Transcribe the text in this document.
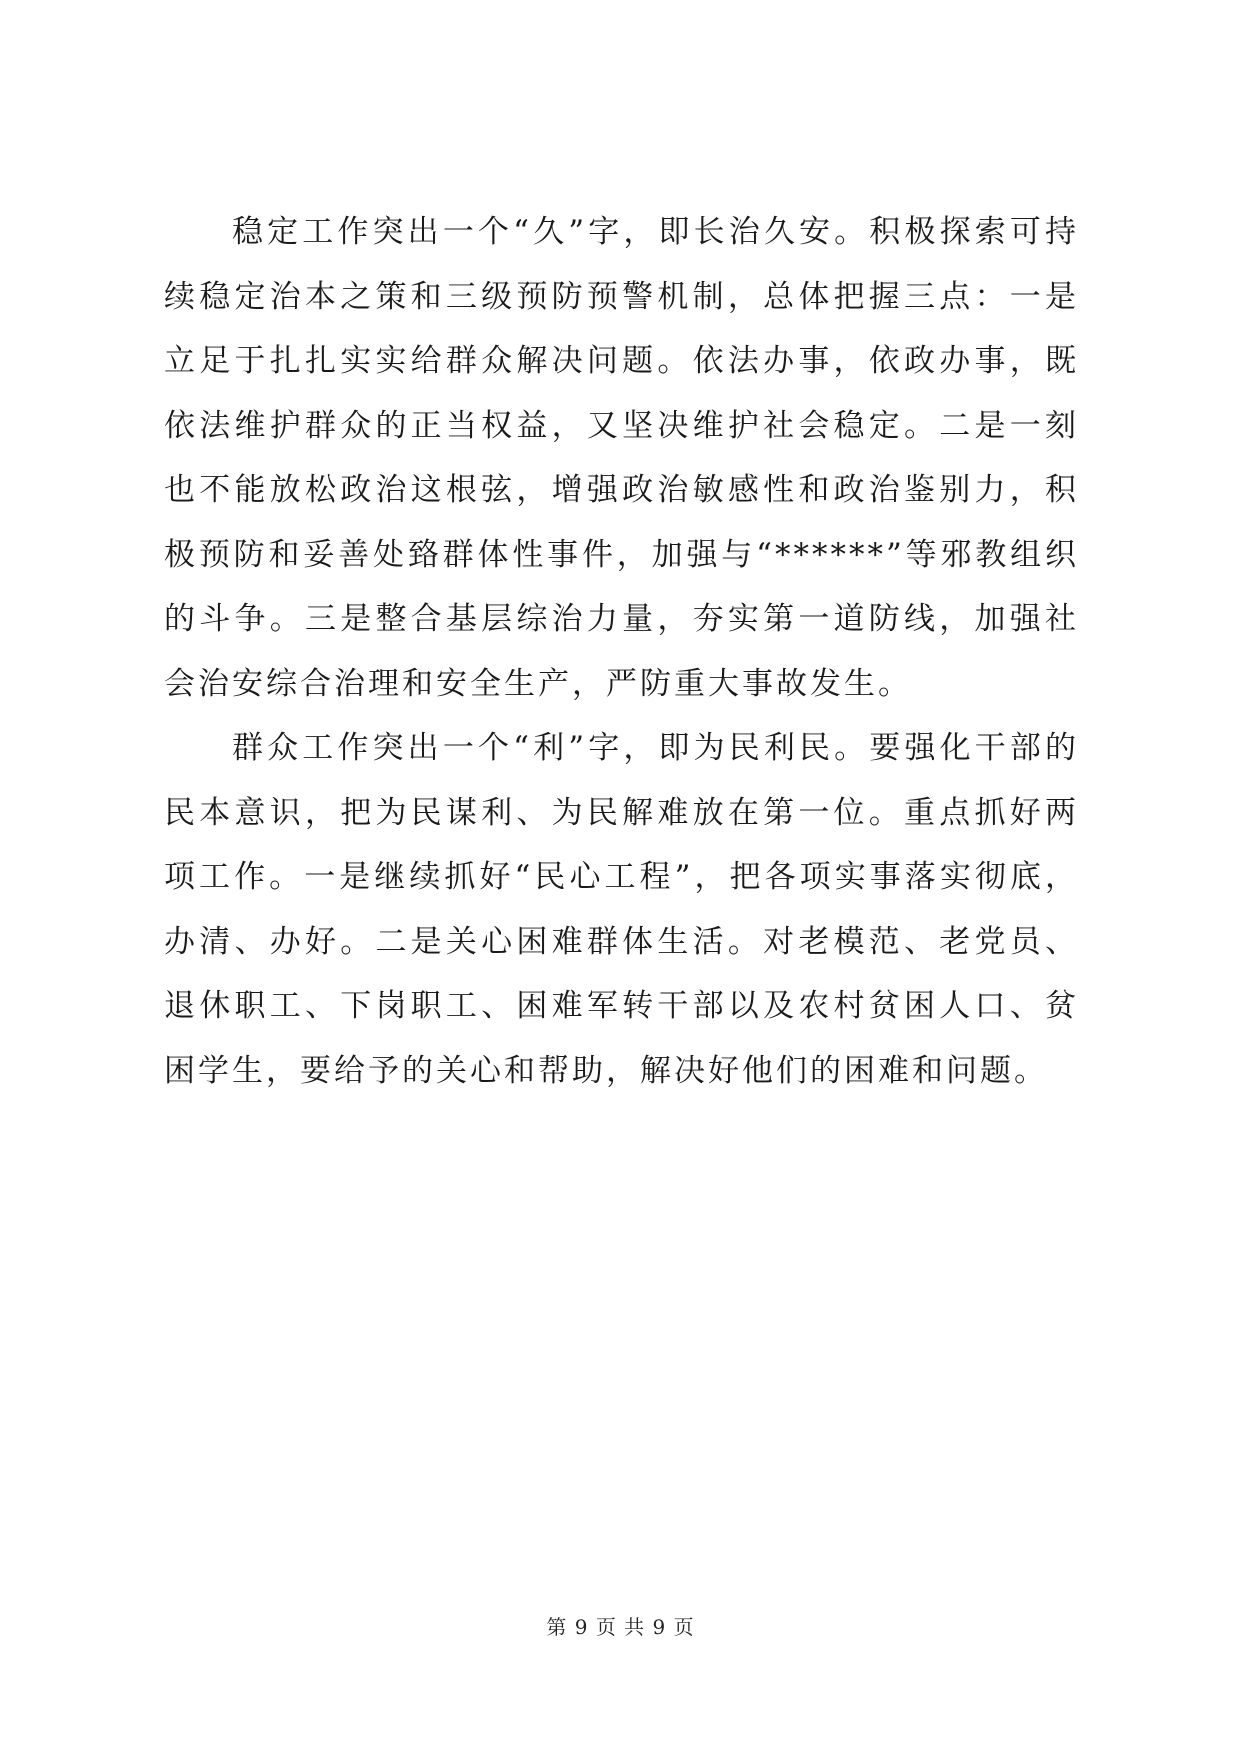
稳定工作突出一个“久”字，即长治久安。积极探索可持续稳定治本之策和三级预防预警机制，总体把握三点：一是立足于扎扎实实给群众解决问题。依法办事，依政办事，既依法维护群众的正当权益，又坚决维护社会稳定。二是一刻也不能放松政治这根弦，增强政治敏感性和政治鉴别力，积极预防和妥善处臵群体性事件，加强与“******”等邪教组织的斗争。三是整合基层综治力量，夯实第一道防线，加强社会治安综合治理和安全生产，严防重大事故发生。

群众工作突出一个“利”字，即为民利民。要强化干部的民本意识，把为民谋利、为民解难放在第一位。重点抓好两项工作。一是继续抓好“民心工程”，把各项实事落实彻底，办清、办好。二是关心困难群体生活。对老模范、老党员、退休职工、下岗职工、困难军转干部以及农村贫困人口、贫困学生，要给予的关心和帮助，解决好他们的困难和问题。

第 9 页 共 9 页
